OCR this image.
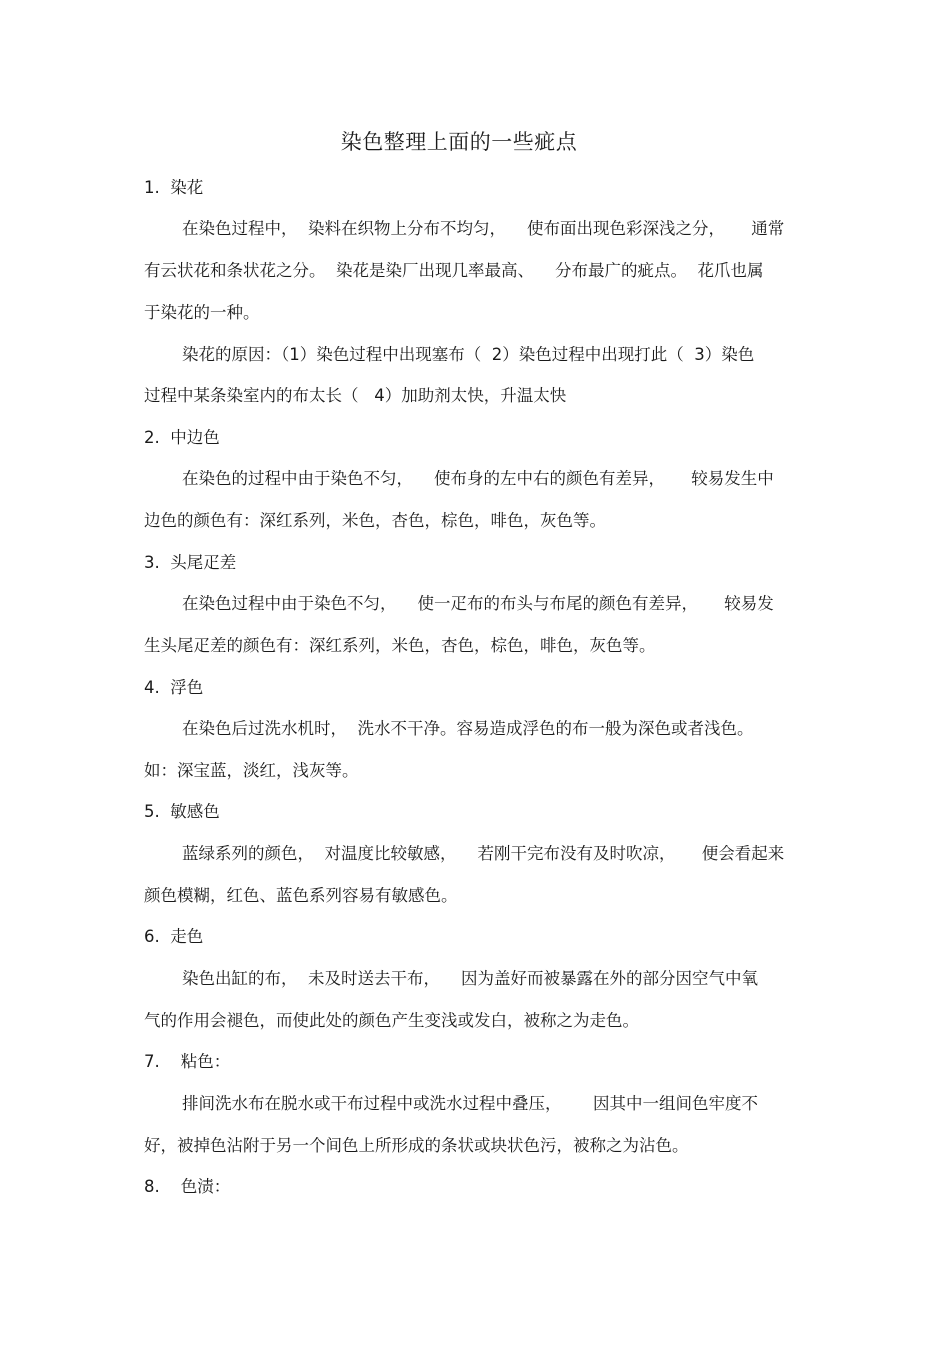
染色整理上面的一些疵点
1.  染花
在染色过程中，  染料在织物上分布不均匀，    使布面出现色彩深浅之分，     通常
有云状花和条状花之分。  染花是染厂出现几率最高、    分布最广的疵点。  花爪也属
于染花的一种。
染花的原因：（1）染色过程中出现塞布（  2）染色过程中出现打此（  3）染色
过程中某条染室内的布太长（   4）加助剂太快，升温太快
2.  中边色
在染色的过程中由于染色不匀，    使布身的左中右的颜色有差异，     较易发生中
边色的颜色有：深红系列，米色，杏色，棕色，啡色，灰色等。
3.  头尾疋差
在染色过程中由于染色不匀，    使一疋布的布头与布尾的颜色有差异，     较易发
生头尾疋差的颜色有：深红系列，米色，杏色，棕色，啡色，灰色等。
4.  浮色
在染色后过洗水机时，  洗水不干净。容易造成浮色的布一般为深色或者浅色。
如：深宝蓝，淡红，浅灰等。
5.  敏感色
蓝绿系列的颜色，  对温度比较敏感，    若刚干完布没有及时吹凉，     便会看起来
颜色模糊，红色、蓝色系列容易有敏感色。
6.  走色
染色出缸的布，  未及时送去干布，    因为盖好而被暴露在外的部分因空气中氧
气的作用会褪色，而使此处的颜色产生变浅或发白，被称之为走色。
7.    粘色：
排间洗水布在脱水或干布过程中或洗水过程中叠压，      因其中一组间色牢度不
好，被掉色沾附于另一个间色上所形成的条状或块状色污，被称之为沾色。
8.    色渍：
